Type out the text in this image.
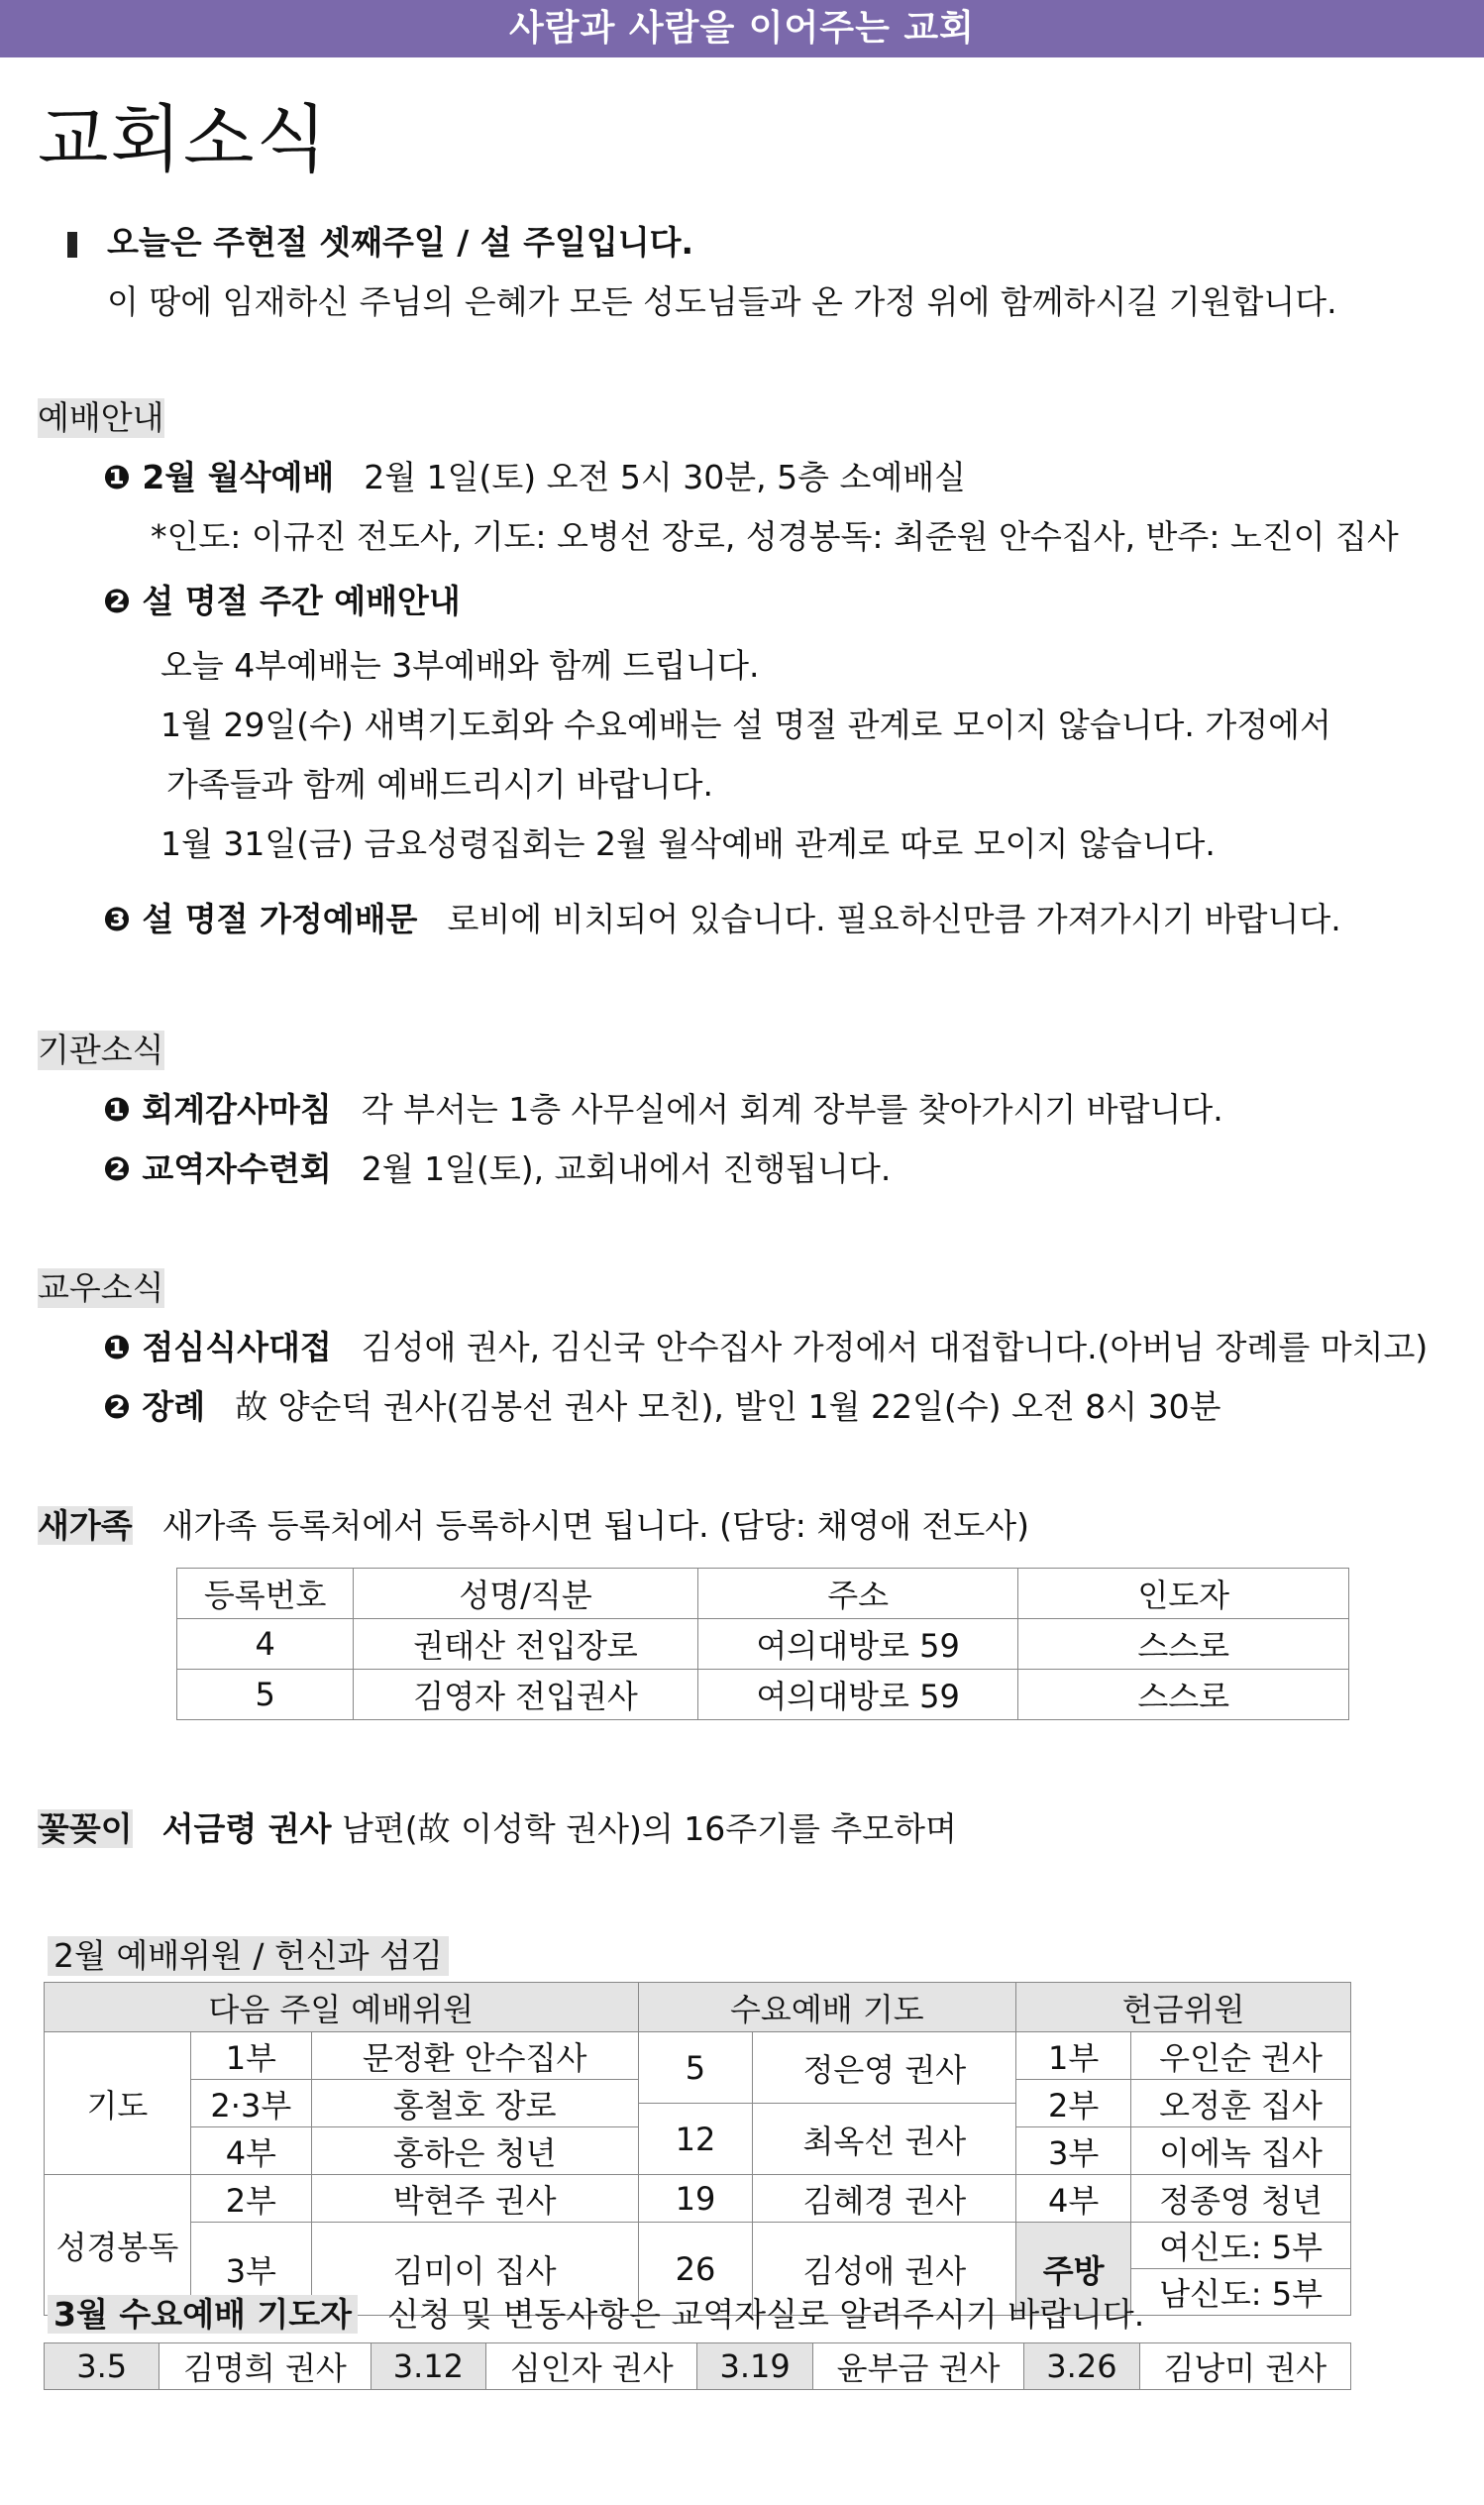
사람과 사람을 이어주는 교회
교회소식
오늘은 주현절 셋째주일 / 설 주일입니다.
이 땅에 임재하신 주님의 은혜가 모든 성도님들과 온 가정 위에 함께하시길 기원합니다.
예배안내
❶ 2월 월삭예배 2월 1일(토) 오전 5시 30분, 5층 소예배실
*인도: 이규진 전도사, 기도: 오병선 장로, 성경봉독: 최준원 안수집사, 반주: 노진이 집사
❷ 설 명절 주간 예배안내
오늘 4부예배는 3부예배와 함께 드립니다.
1월 29일(수) 새벽기도회와 수요예배는 설 명절 관계로 모이지 않습니다. 가정에서
가족들과 함께 예배드리시기 바랍니다.
1월 31일(금) 금요성령집회는 2월 월삭예배 관계로 따로 모이지 않습니다.
❸ 설 명절 가정예배문 로비에 비치되어 있습니다. 필요하신만큼 가져가시기 바랍니다.
기관소식
❶ 회계감사마침 각 부서는 1층 사무실에서 회계 장부를 찾아가시기 바랍니다.
❷ 교역자수련회 2월 1일(토), 교회내에서 진행됩니다.
교우소식
❶ 점심식사대접 김성애 권사, 김신국 안수집사 가정에서 대접합니다.(아버님 장례를 마치고)
❷ 장례 故 양순덕 권사(김봉선 권사 모친), 발인 1월 22일(수) 오전 8시 30분
새가족 새가족 등록처에서 등록하시면 됩니다. (담당: 채영애 전도사)
등록번호	성명/직분	주소	인도자
4	권태산 전입장로	여의대방로 59	스스로
5	김영자 전입권사	여의대방로 59	스스로
꽃꽂이 서금령 권사 남편(故 이성학 권사)의 16주기를 추모하며
2월 예배위원 / 헌신과 섬김
다음 주일 예배위원			수요예배 기도		헌금위원	
기도	1부	문정환 안수집사	5	정은영 권사	1부	우인순 권사

	2·3부	홍철호 장로			2부	오정훈 집사
			12	최옥선 권사		
	4부	홍하은 청년			3부	이에녹 집사

성경봉독	2부	박현주 권사	19	김혜경 권사	4부	정종영 청년

	3부	김미이 집사	26	김성애 권사	주방	여신도: 5부
						남신도: 5부
3월 수요예배 기도자 신청 및 변동사항은 교역자실로 알려주시기 바랍니다.
3.5	김명희 권사	3.12	심인자 권사	3.19	윤부금 권사	3.26	김낭미 권사
